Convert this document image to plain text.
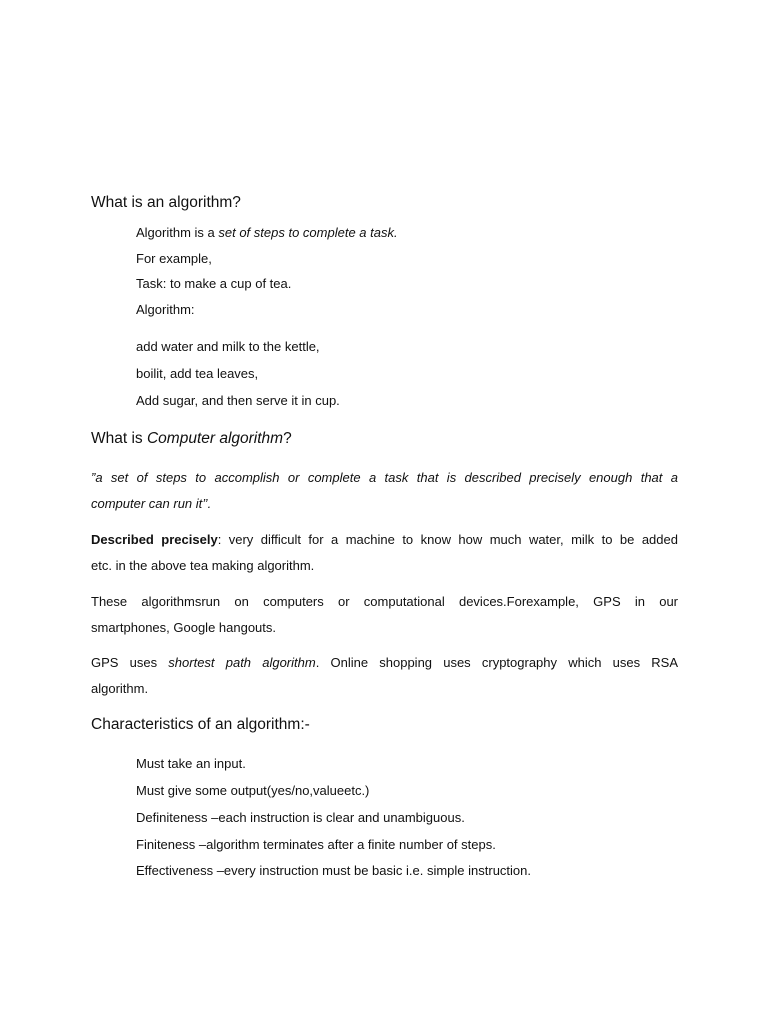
What is an algorithm?
Algorithm is a set of steps to complete a task.
For example,
Task: to make a cup of tea.
Algorithm:
add water and milk to the kettle,
boilit, add tea leaves,
Add sugar, and then serve it in cup.
What is Computer algorithm?
”a set of steps to accomplish or complete a task that is described precisely enough that a
computer can run it’’.
Described precisely: very difficult for a machine to know how much water, milk to be added
etc. in the above tea making algorithm.
These algorithmsrun on computers or computational devices.Forexample, GPS in our
smartphones, Google hangouts.
GPS uses shortest path algorithm. Online shopping uses cryptography which uses RSA
algorithm.
Characteristics of an algorithm:-
Must take an input.
Must give some output(yes/no,valueetc.)
Definiteness –each instruction is clear and unambiguous.
Finiteness –algorithm terminates after a finite number of steps.
Effectiveness –every instruction must be basic i.e. simple instruction.
